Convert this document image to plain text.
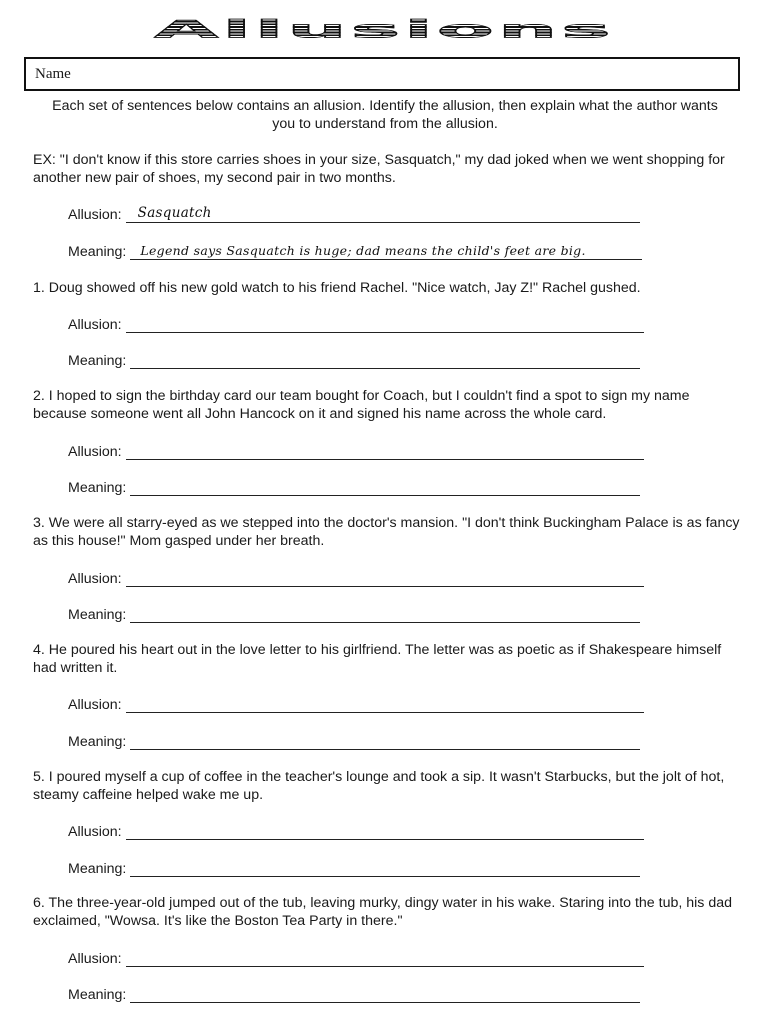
Allusions
Name
Each set of sentences below contains an allusion. Identify the allusion, then explain what the author wants you to understand from the allusion.
EX: "I don't know if this store carries shoes in your size, Sasquatch," my dad joked when we went shopping for another new pair of shoes, my second pair in two months.
Allusion: Sasquatch
Meaning: Legend says Sasquatch is huge; dad means the child's feet are big.
1. Doug showed off his new gold watch to his friend Rachel. "Nice watch, Jay Z!" Rachel gushed.
Allusion:
Meaning:
2. I hoped to sign the birthday card our team bought for Coach, but I couldn't find a spot to sign my name because someone went all John Hancock on it and signed his name across the whole card.
Allusion:
Meaning:
3. We were all starry-eyed as we stepped into the doctor's mansion. "I don't think Buckingham Palace is as fancy as this house!" Mom gasped under her breath.
Allusion:
Meaning:
4. He poured his heart out in the love letter to his girlfriend. The letter was as poetic as if Shakespeare himself had written it.
Allusion:
Meaning:
5. I poured myself a cup of coffee in the teacher's lounge and took a sip. It wasn't Starbucks, but the jolt of hot, steamy caffeine helped wake me up.
Allusion:
Meaning:
6. The three-year-old jumped out of the tub, leaving murky, dingy water in his wake. Staring into the tub, his dad exclaimed, "Wowsa. It's like the Boston Tea Party in there."
Allusion:
Meaning:
